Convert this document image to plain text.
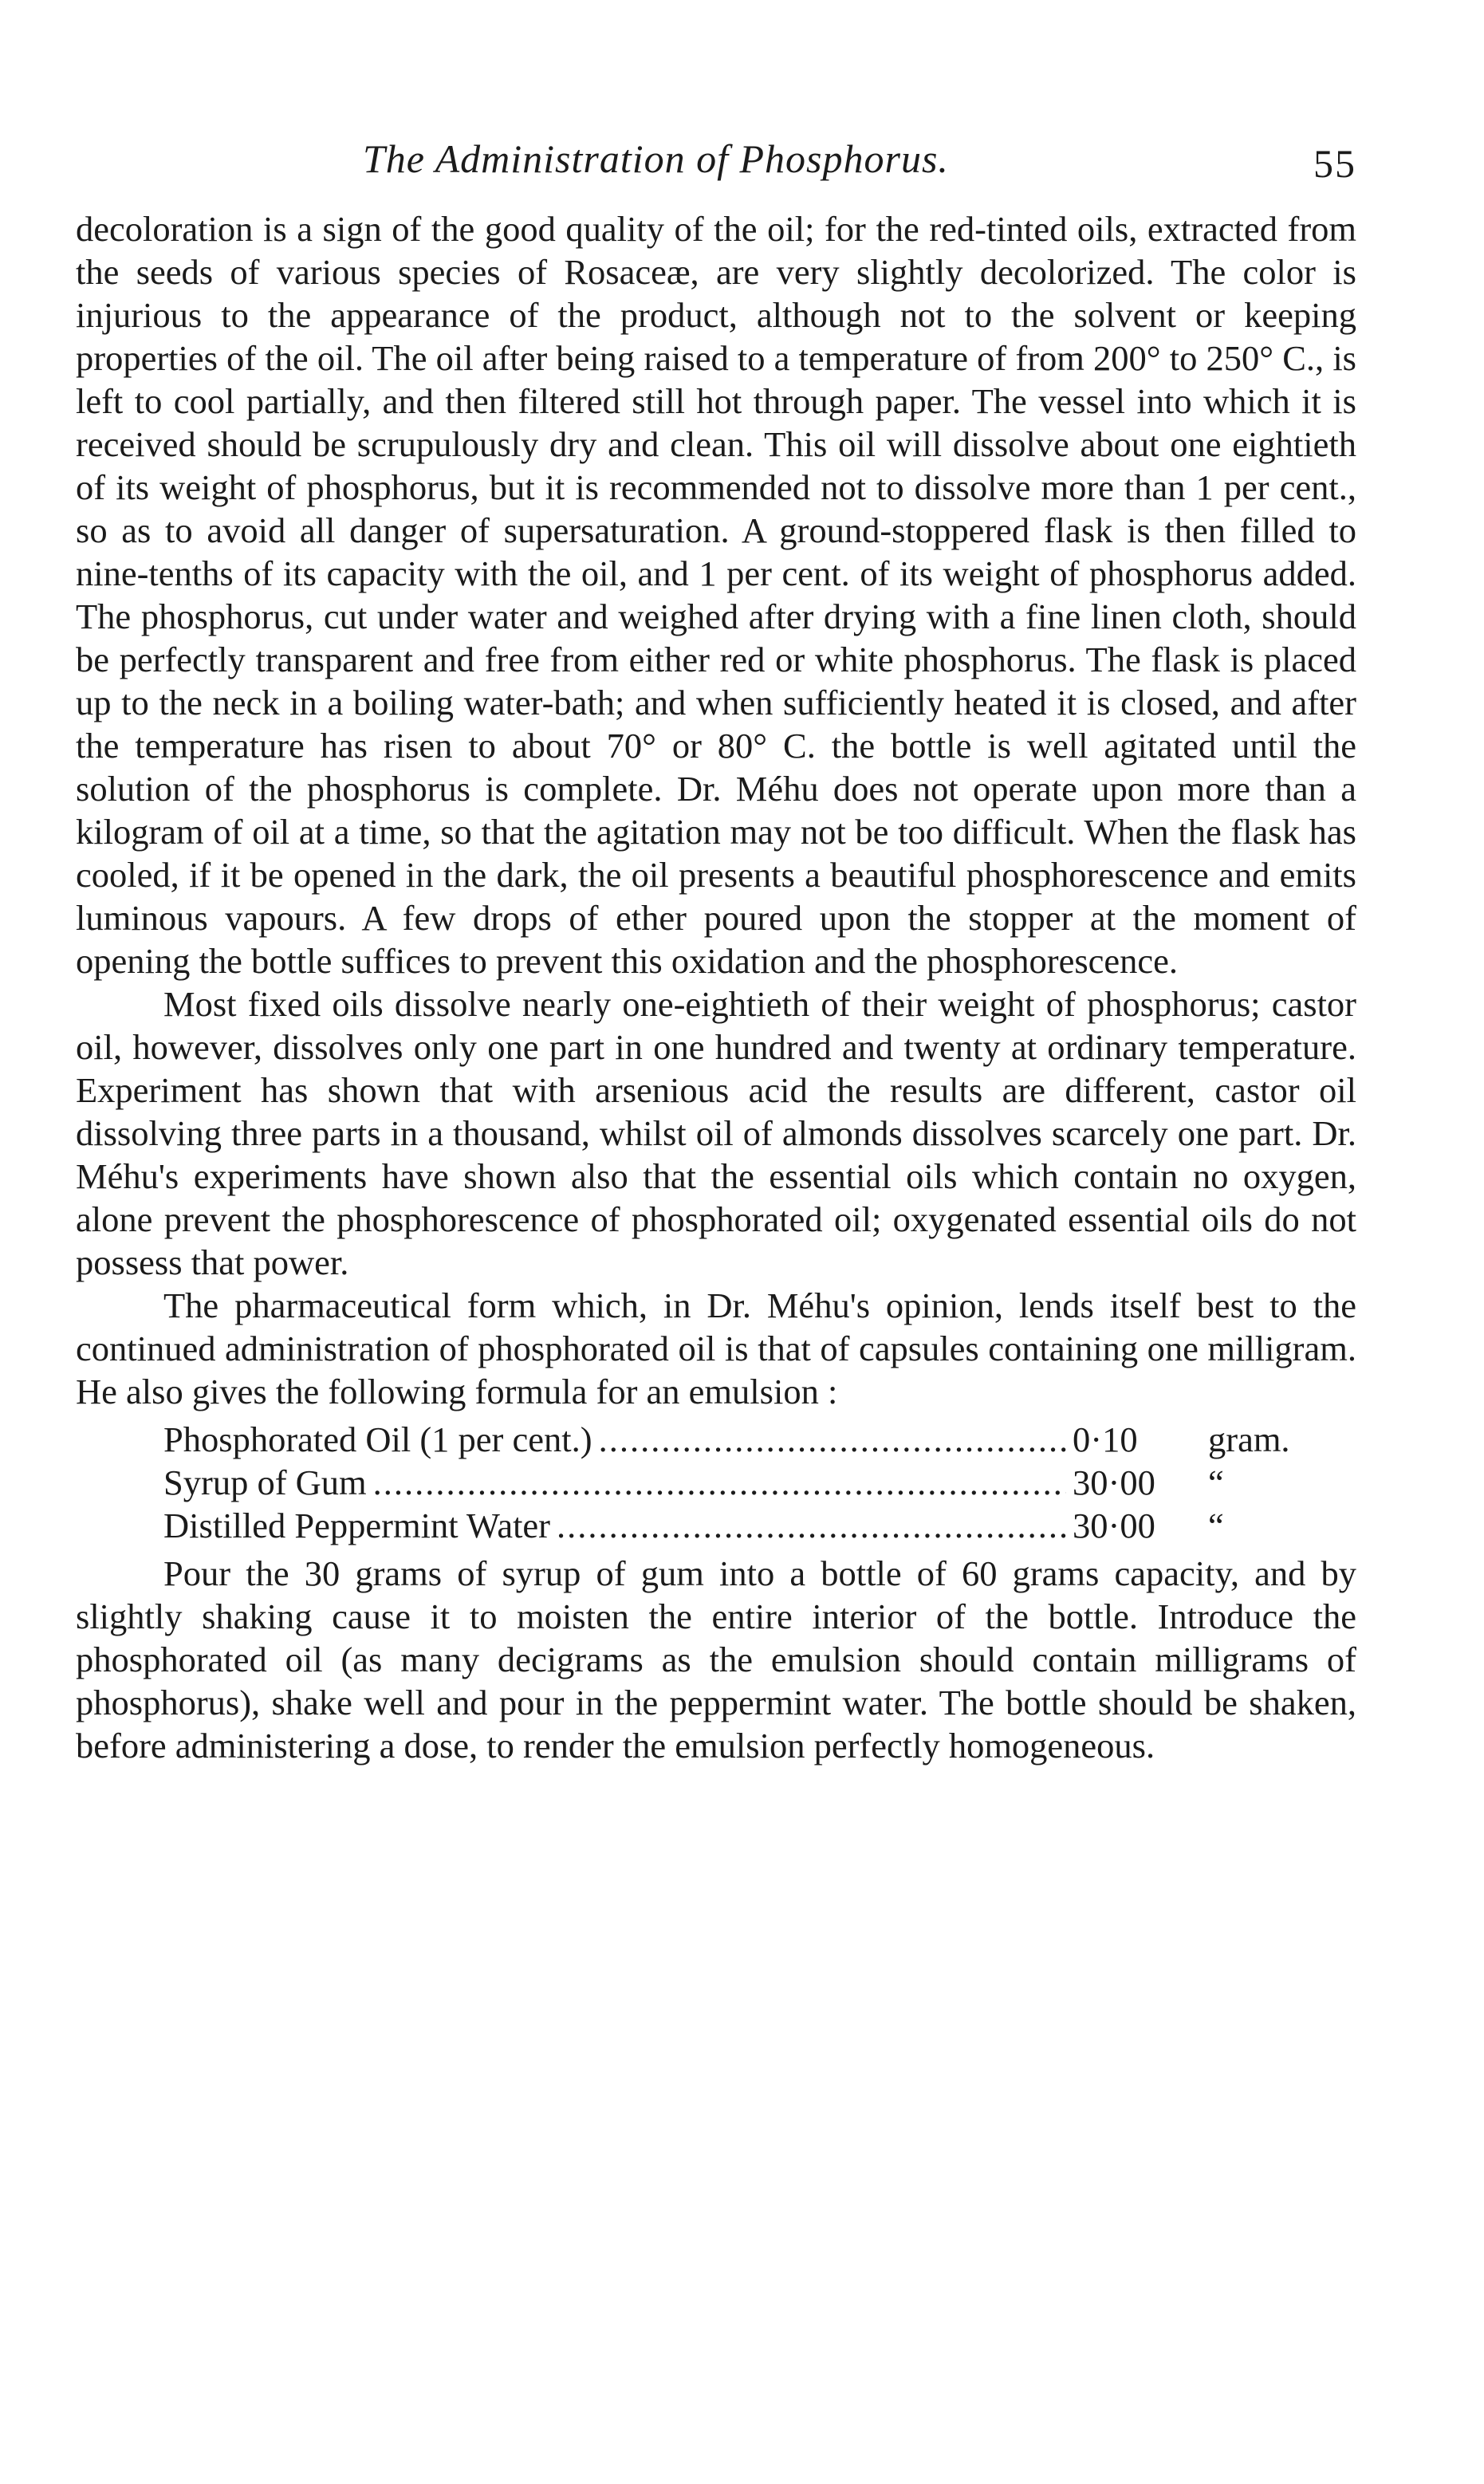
The Administration of Phosphorus.	55

decoloration is a sign of the good quality of the oil; for the red-tinted oils, extracted from the seeds of various species of Rosaceæ, are very slightly decolorized. The color is injurious to the appearance of the product, although not to the solvent or keeping properties of the oil. The oil after being raised to a temperature of from 200° to 250° C., is left to cool partially, and then filtered still hot through paper. The vessel into which it is received should be scrupulously dry and clean. This oil will dissolve about one eightieth of its weight of phosphorus, but it is recommended not to dissolve more than 1 per cent., so as to avoid all danger of supersaturation. A ground-stoppered flask is then filled to nine-tenths of its capacity with the oil, and 1 per cent. of its weight of phosphorus added. The phosphorus, cut under water and weighed after drying with a fine linen cloth, should be perfectly transparent and free from either red or white phosphorus. The flask is placed up to the neck in a boiling water-bath; and when sufficiently heated it is closed, and after the temperature has risen to about 70° or 80° C. the bottle is well agitated until the solution of the phosphorus is complete. Dr. Méhu does not operate upon more than a kilogram of oil at a time, so that the agitation may not be too difficult. When the flask has cooled, if it be opened in the dark, the oil presents a beautiful phosphorescence and emits luminous vapours. A few drops of ether poured upon the stopper at the moment of opening the bottle suffices to prevent this oxidation and the phosphorescence.

Most fixed oils dissolve nearly one-eightieth of their weight of phosphorus; castor oil, however, dissolves only one part in one hundred and twenty at ordinary temperature. Experiment has shown that with arsenious acid the results are different, castor oil dissolving three parts in a thousand, whilst oil of almonds dissolves scarcely one part. Dr. Méhu's experiments have shown also that the essential oils which contain no oxygen, alone prevent the phosphorescence of phosphorated oil; oxygenated essential oils do not possess that power.

The pharmaceutical form which, in Dr. Méhu's opinion, lends itself best to the continued administration of phosphorated oil is that of capsules containing one milligram. He also gives the following formula for an emulsion :

Phosphorated Oil (1 per cent.) .....	0·10	gram.
Syrup of Gum .....	30·00	“
Distilled Peppermint Water .....	30·00	“

Pour the 30 grams of syrup of gum into a bottle of 60 grams capacity, and by slightly shaking cause it to moisten the entire interior of the bottle. Introduce the phosphorated oil (as many decigrams as the emulsion should contain milligrams of phosphorus), shake well and pour in the peppermint water. The bottle should be shaken, before administering a dose, to render the emulsion perfectly homogeneous.
